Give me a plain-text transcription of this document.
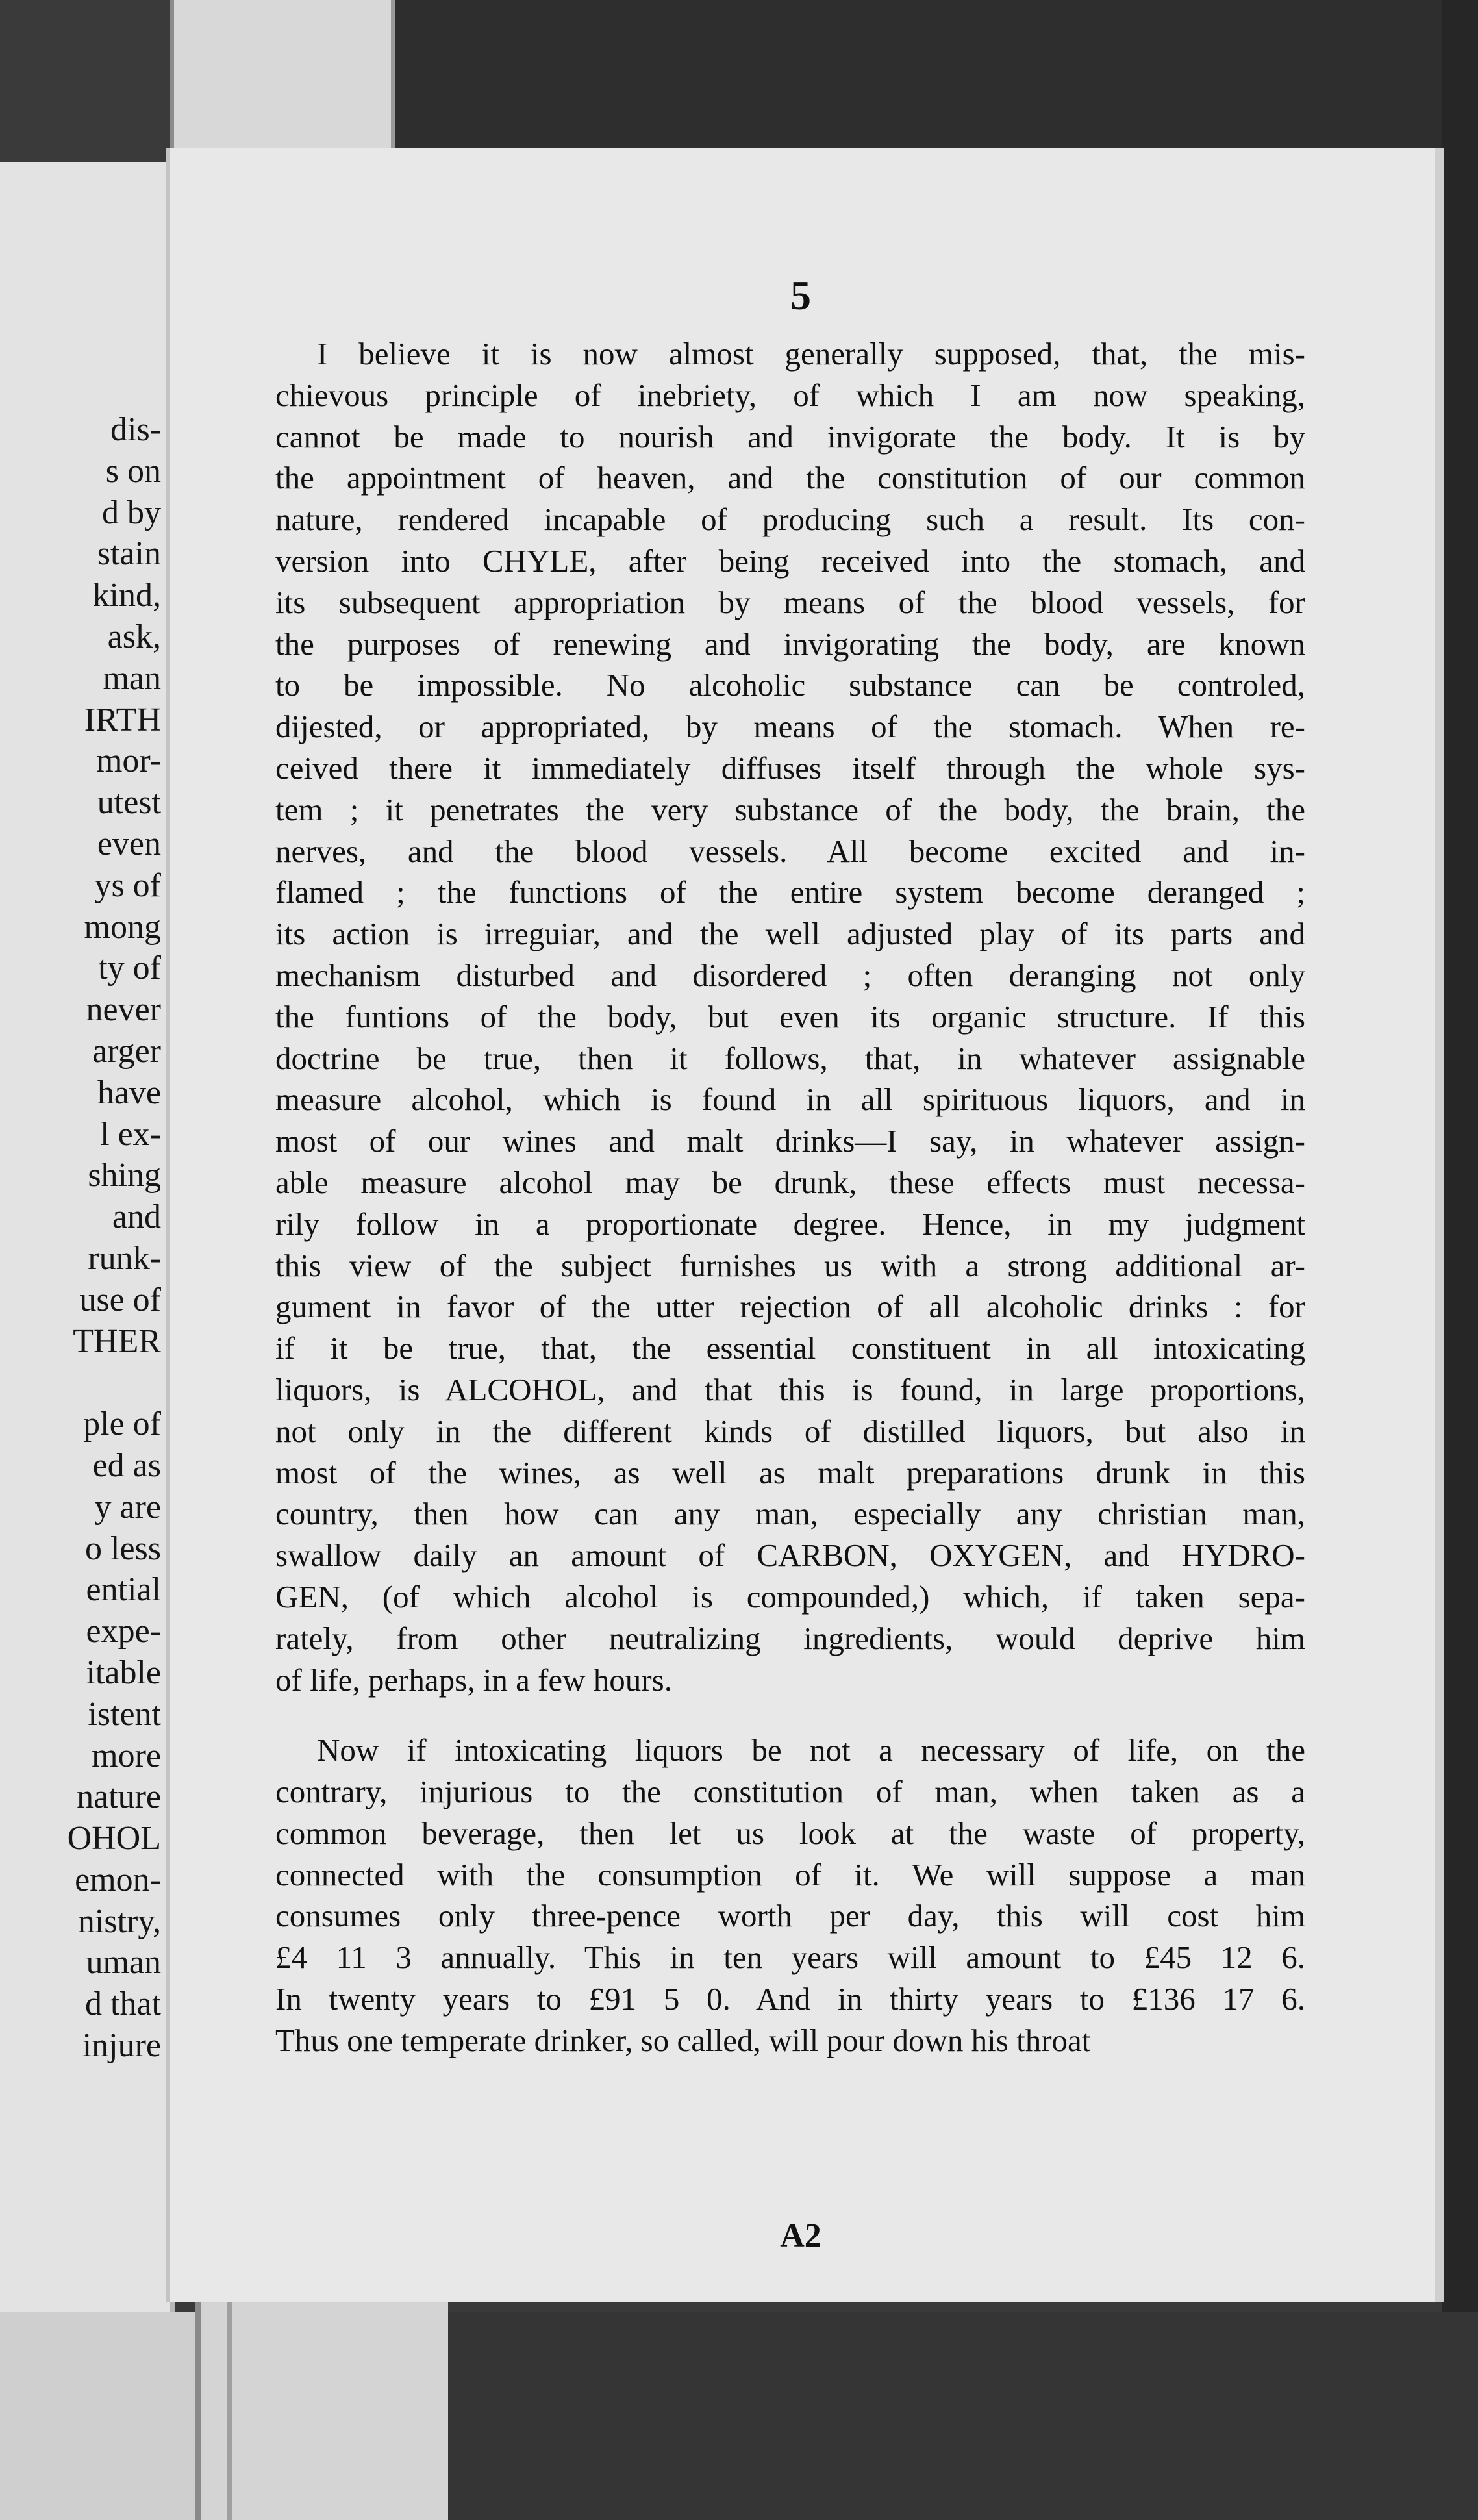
dis-
s on
d by
stain
kind,
ask,
man
IRTH
mor-
utest
even
ys of
mong
ty of
never
arger
have
l ex-
shing
and
runk-
use of
THER

ple of
ed as
y are
o less
ential
expe-
itable
istent
more
nature
OHOL
emon-
nistry,
uman
d that
injure
5
I believe it is now almost generally supposed, that, the mis-
chievous principle of inebriety, of which I am now speaking,
cannot be made to nourish and invigorate the body. It is by
the appointment of heaven, and the constitution of our common
nature, rendered incapable of producing such a result. Its con-
version into CHYLE, after being received into the stomach, and
its subsequent appropriation by means of the blood vessels, for
the purposes of renewing and invigorating the body, are known
to be impossible. No alcoholic substance can be controled,
dijested, or appropriated, by means of the stomach. When re-
ceived there it immediately diffuses itself through the whole sys-
tem ; it penetrates the very substance of the body, the brain, the
nerves, and the blood vessels. All become excited and in-
flamed ; the functions of the entire system become deranged ;
its action is irreguiar, and the well adjusted play of its parts and
mechanism disturbed and disordered ; often deranging not only
the funtions of the body, but even its organic structure. If this
doctrine be true, then it follows, that, in whatever assignable
measure alcohol, which is found in all spirituous liquors, and in
most of our wines and malt drinks—I say, in whatever assign-
able measure alcohol may be drunk, these effects must necessa-
rily follow in a proportionate degree. Hence, in my judgment
this view of the subject furnishes us with a strong additional ar-
gument in favor of the utter rejection of all alcoholic drinks : for
if it be true, that, the essential constituent in all intoxicating
liquors, is ALCOHOL, and that this is found, in large proportions,
not only in the different kinds of distilled liquors, but also in
most of the wines, as well as malt preparations drunk in this
country, then how can any man, especially any christian man,
swallow daily an amount of CARBON, OXYGEN, and HYDRO-
GEN, (of which alcohol is compounded,) which, if taken sepa-
rately, from other neutralizing ingredients, would deprive him
of life, perhaps, in a few hours.
Now if intoxicating liquors be not a necessary of life, on the
contrary, injurious to the constitution of man, when taken as a
common beverage, then let us look at the waste of property,
connected with the consumption of it. We will suppose a man
consumes only three-pence worth per day, this will cost him
£4 11 3 annually. This in ten years will amount to £45 12 6.
In twenty years to £91 5 0. And in thirty years to £136 17 6.
Thus one temperate drinker, so called, will pour down his throat
A2
